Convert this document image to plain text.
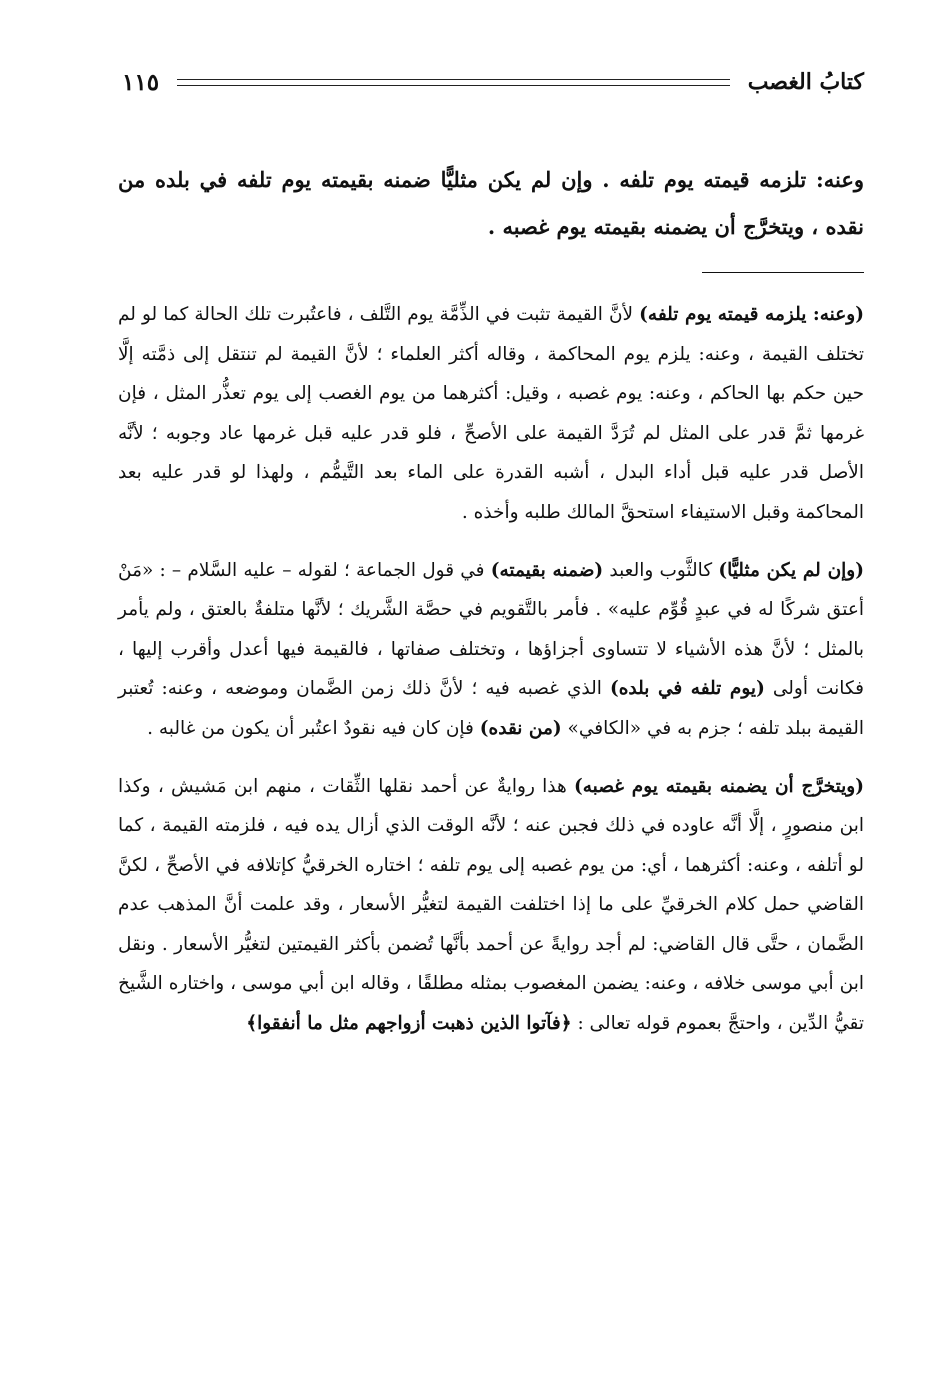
كتابُ الغصب
١١٥
وعنه: تلزمه قيمته يوم تلفه . وإن لم يكن مثليًّا ضمنه بقيمته يوم تلفه في بلده من نقده ، ويتخرَّج أن يضمنه بقيمته يوم غصبه .

(وعنه: يلزمه قيمته يوم تلفه) لأنَّ القيمة تثبت في الذِّمَّة يوم التَّلف ، فاعتُبرت تلك الحالة كما لو لم تختلف القيمة ، وعنه: يلزم يوم المحاكمة ، وقاله أكثر العلماء ؛ لأنَّ القيمة لم تنتقل إلى ذمَّته إلَّا حين حكم بها الحاكم ، وعنه: يوم غصبه ، وقيل: أكثرهما من يوم الغصب إلى يوم تعذُّر المثل ، فإن غرمها ثمَّ قدر على المثل لم تُرَدَّ القيمة على الأصحِّ ، فلو قدر عليه قبل غرمها عاد وجوبه ؛ لأنَّه الأصل قدر عليه قبل أداء البدل ، أشبه القدرة على الماء بعد التَّيمُّم ، ولهذا لو قدر عليه بعد المحاكمة وقبل الاستيفاء استحقَّ المالك طلبه وأخذه .

(وإن لم يكن مثليًّا) كالثَّوب والعبد (ضمنه بقيمته) في قول الجماعة ؛ لقوله – عليه السَّلام – : «مَنْ أعتق شركًا له في عبدٍ قُوِّم عليه» . فأمر بالتَّقويم في حصَّة الشَّريك ؛ لأنَّها متلفةٌ بالعتق ، ولم يأمر بالمثل ؛ لأنَّ هذه الأشياء لا تتساوى أجزاؤها ، وتختلف صفاتها ، فالقيمة فيها أعدل وأقرب إليها ، فكانت أولى (يوم تلفه في بلده) الذي غصبه فيه ؛ لأنَّ ذلك زمن الضَّمان وموضعه ، وعنه: تُعتبر القيمة ببلد تلفه ؛ جزم به في «الكافي» (من نقده) فإن كان فيه نقودٌ اعتُبر أن يكون من غالبه .

(ويتخرَّج أن يضمنه بقيمته يوم غصبه) هذا روايةٌ عن أحمد نقلها الثِّقات ، منهم ابن مَشيش ، وكذا ابن منصورٍ ، إلَّا أنَّه عاوده في ذلك فجبن عنه ؛ لأنَّه الوقت الذي أزال يده فيه ، فلزمته القيمة ، كما لو أتلفه ، وعنه: أكثرهما ، أي: من يوم غصبه إلى يوم تلفه ؛ اختاره الخرقيُّ كإتلافه في الأصحِّ ، لكنَّ القاضي حمل كلام الخرقيِّ على ما إذا اختلفت القيمة لتغيُّر الأسعار ، وقد علمت أنَّ المذهب عدم الضَّمان ، حتَّى قال القاضي: لم أجد روايةً عن أحمد بأنَّها تُضمن بأكثر القيمتين لتغيُّر الأسعار . ونقل ابن أبي موسى خلافه ، وعنه: يضمن المغصوب بمثله مطلقًا ، وقاله ابن أبي موسى ، واختاره الشَّيخ تقيُّ الدِّين ، واحتجَّ بعموم قوله تعالى : ﴿فآتوا الذين ذهبت أزواجهم مثل ما أنفقوا﴾
